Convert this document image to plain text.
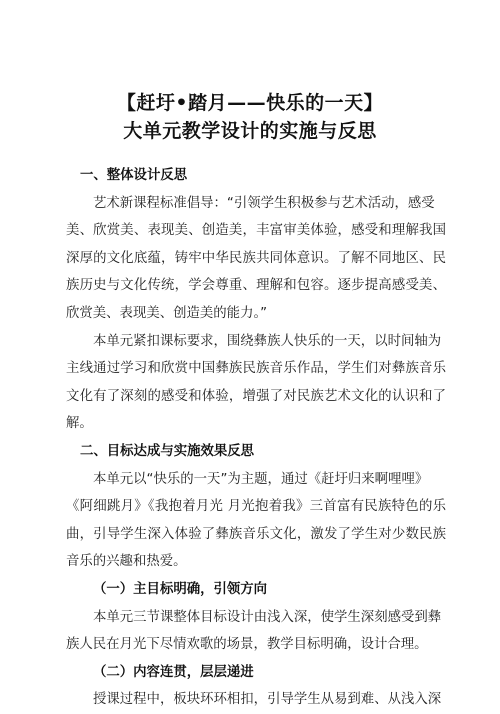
【赶圩•踏月——快乐的一天】
大单元教学设计的实施与反思
一、整体设计反思
艺术新课程标准倡导：“引领学生积极参与艺术活动，感受
美、欣赏美、表现美、创造美，丰富审美体验，感受和理解我国
深厚的文化底蕴，铸牢中华民族共同体意识。了解不同地区、民
族历史与文化传统，学会尊重、理解和包容。逐步提高感受美、
欣赏美、表现美、创造美的能力。”
本单元紧扣课标要求，围绕彝族人快乐的一天，以时间轴为
主线通过学习和欣赏中国彝族民族音乐作品，学生们对彝族音乐
文化有了深刻的感受和体验，增强了对民族艺术文化的认识和了
解。
二、目标达成与实施效果反思
本单元以“快乐的一天”为主题，通过《赶圩归来啊哩哩》
《阿细跳月》《我抱着月光 月光抱着我》三首富有民族特色的乐
曲，引导学生深入体验了彝族音乐文化，激发了学生对少数民族
音乐的兴趣和热爱。
（一）主目标明确，引领方向
本单元三节课整体目标设计由浅入深，使学生深刻感受到彝
族人民在月光下尽情欢歌的场景，教学目标明确，设计合理。
（二）内容连贯，层层递进
授课过程中，板块环环相扣，引导学生从易到难、从浅入深
